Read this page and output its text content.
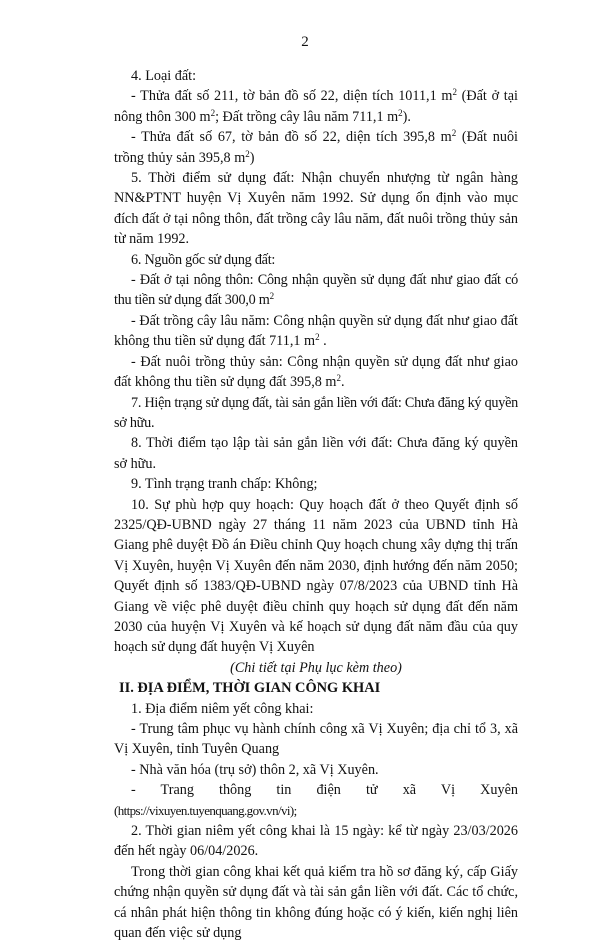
2

4. Loại đất:

- Thửa đất số 211, tờ bản đồ số 22, diện tích 1011,1 $m^2$ (Đất ở tại nông thôn 300 $m^2$; Đất trồng cây lâu năm 711,1 $m^2$).

- Thửa đất số 67, tờ bản đồ số 22, diện tích 395,8 $m^2$ (Đất nuôi trồng thủy sản 395,8 $m^2$)

5. Thời điểm sử dụng đất: Nhận chuyển nhượng từ ngân hàng NN&PTNT huyện Vị Xuyên năm 1992. Sử dụng ổn định vào mục đích đất ở tại nông thôn, đất trồng cây lâu năm, đất nuôi trồng thủy sản từ năm 1992.

6. Nguồn gốc sử dụng đất:

- Đất ở tại nông thôn: Công nhận quyền sử dụng đất như giao đất có thu tiền sử dụng đất 300,0 $m^2$

- Đất trồng cây lâu năm: Công nhận quyền sử dụng đất như giao đất không thu tiền sử dụng đất 711,1 $m^2$ .

- Đất nuôi trồng thủy sản: Công nhận quyền sử dụng đất như giao đất không thu tiền sử dụng đất 395,8 $m^2$.

7. Hiện trạng sử dụng đất, tài sản gắn liền với đất: Chưa đăng ký quyền sở hữu.

8. Thời điểm tạo lập tài sản gắn liền với đất: Chưa đăng ký quyền sở hữu.

9. Tình trạng tranh chấp: Không;

10. Sự phù hợp quy hoạch: Quy hoạch đất ở theo Quyết định số 2325/QĐ-UBND ngày 27 tháng 11 năm 2023 của UBND tỉnh Hà Giang phê duyệt Đồ án Điều chỉnh Quy hoạch chung xây dựng thị trấn Vị Xuyên, huyện Vị Xuyên đến năm 2030, định hướng đến năm 2050; Quyết định số 1383/QĐ-UBND ngày 07/8/2023 của UBND tỉnh Hà Giang về việc phê duyệt điều chỉnh quy hoạch sử dụng đất đến năm 2030 của huyện Vị Xuyên và kế hoạch sử dụng đất năm đầu của quy hoạch sử dụng đất huyện Vị Xuyên

(Chi tiết tại Phụ lục kèm theo)

II. ĐỊA ĐIỂM, THỜI GIAN CÔNG KHAI

1. Địa điểm niêm yết công khai:

- Trung tâm phục vụ hành chính công xã Vị Xuyên; địa chỉ tổ 3, xã Vị Xuyên, tỉnh Tuyên Quang

- Nhà văn hóa (trụ sở) thôn 2, xã Vị Xuyên.

- Trang thông tin điện tử xã Vị Xuyên (https://vixuyen.tuyenquang.gov.vn/vi);

2. Thời gian niêm yết công khai là 15 ngày: kể từ ngày 23/03/2026 đến hết ngày 06/04/2026.

Trong thời gian công khai kết quả kiểm tra hồ sơ đăng ký, cấp Giấy chứng nhận quyền sử dụng đất và tài sản gắn liền với đất. Các tổ chức, cá nhân phát hiện thông tin không đúng hoặc có ý kiến, kiến nghị liên quan đến việc sử dụng
